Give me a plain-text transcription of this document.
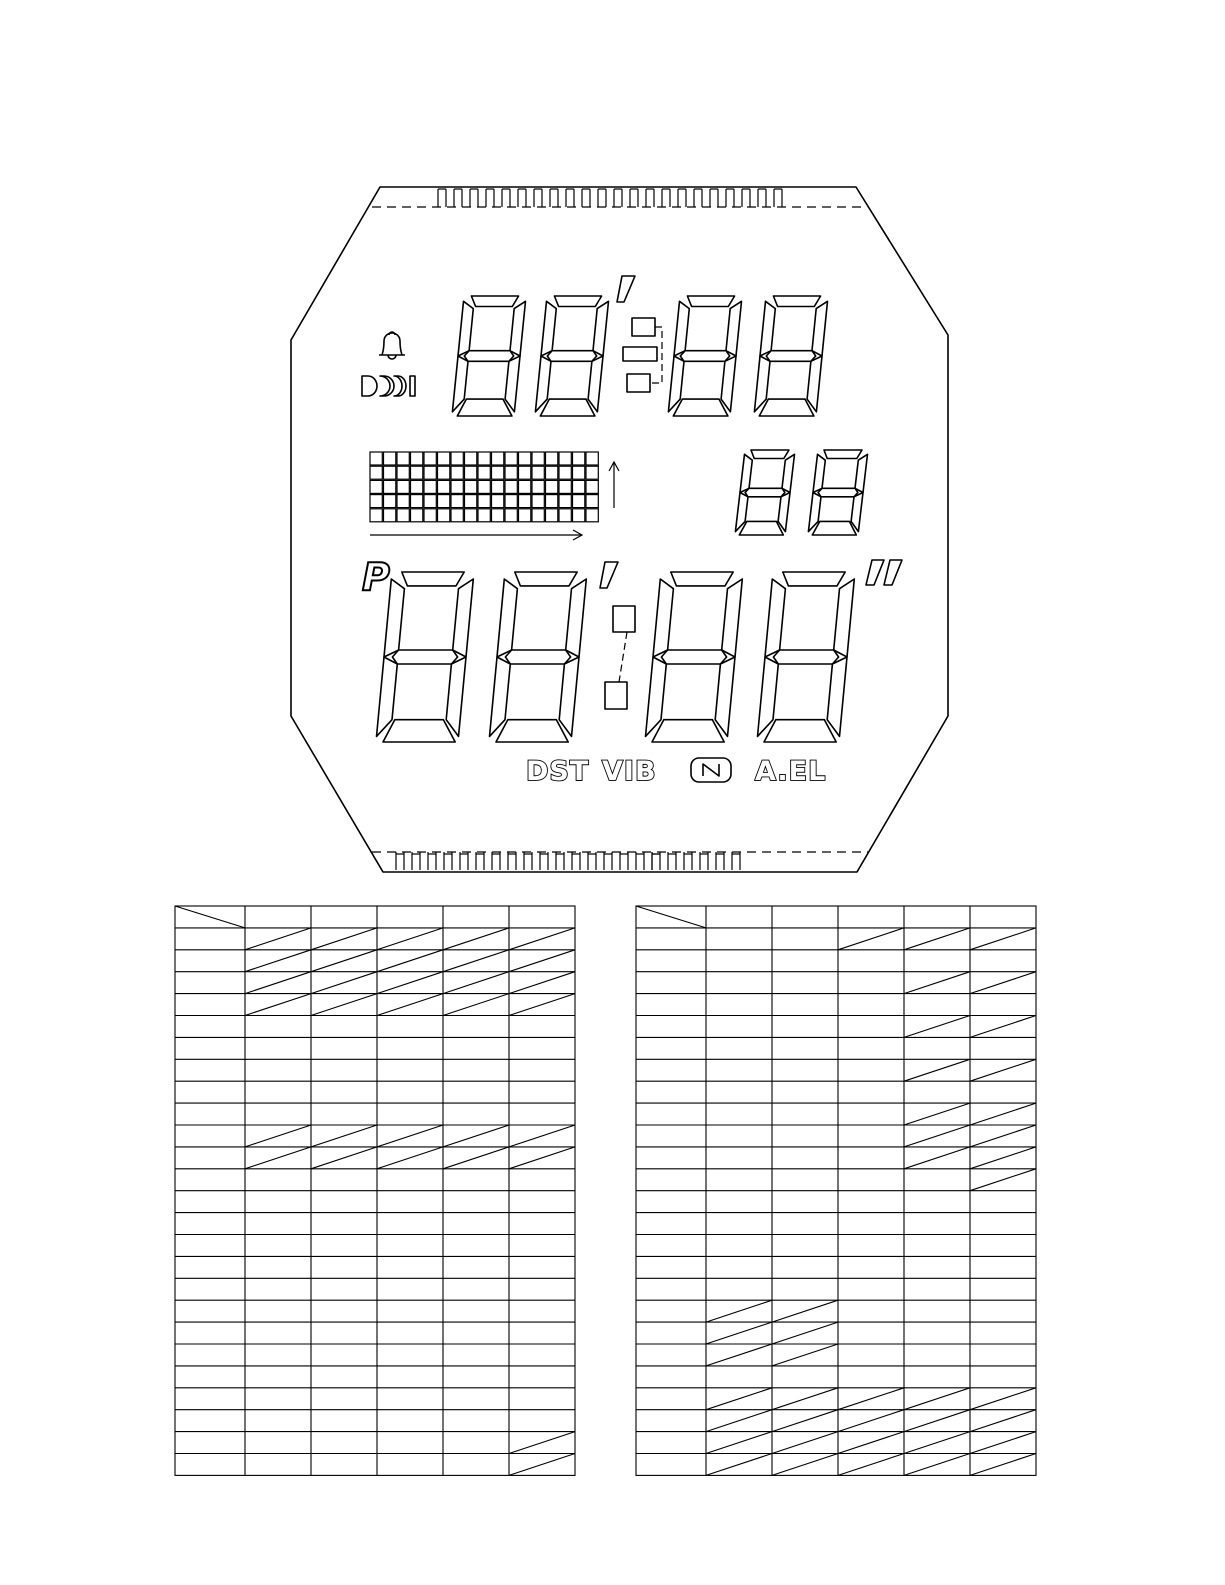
P
DST VIB	A.EL
